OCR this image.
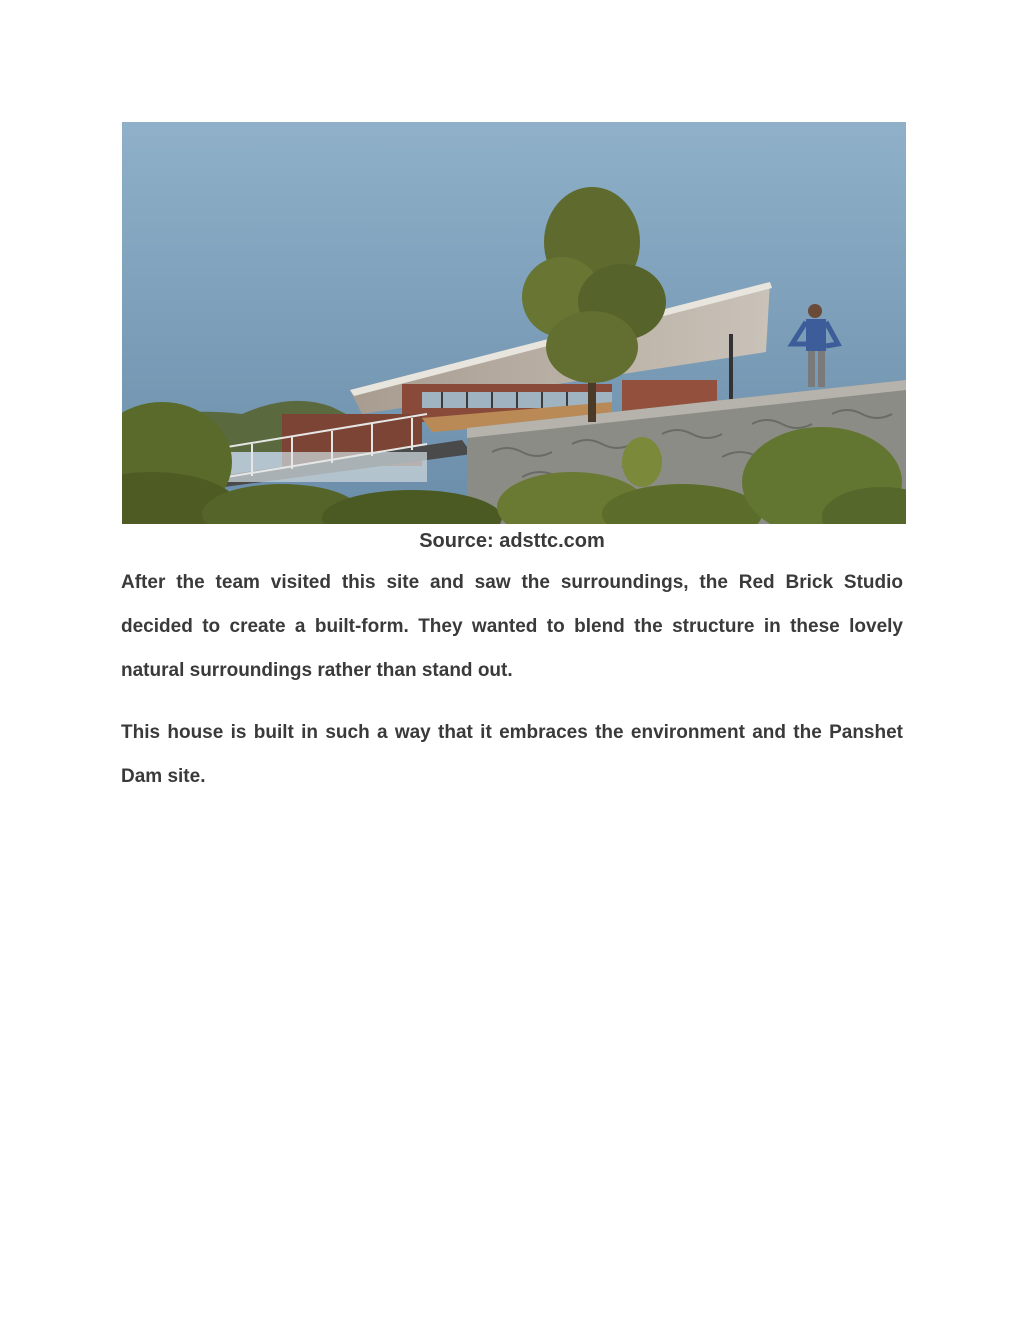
Source: adsttc.com

After the team visited this site and saw the surroundings, the Red Brick Studio decided to create a built-form. They wanted to blend the structure in these lovely natural surroundings rather than stand out.

This house is built in such a way that it embraces the environment and the Panshet Dam site.
